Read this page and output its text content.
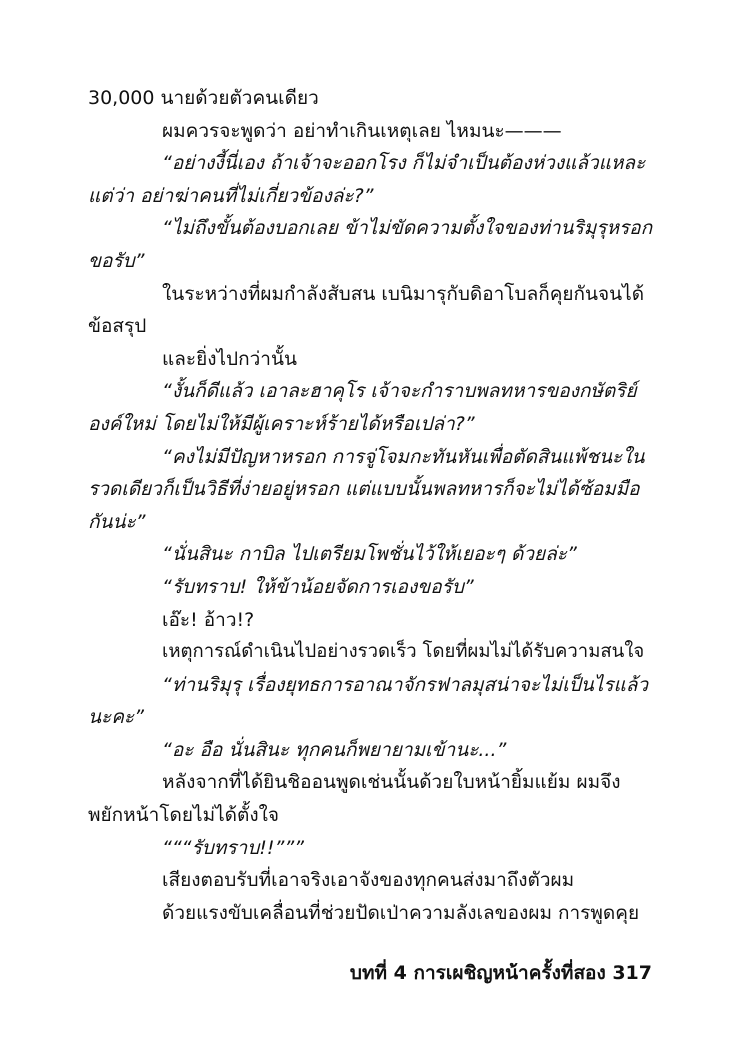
30,000 นายด้วยตัวคนเดียว
ผมควรจะพูดว่า อย่าทำเกินเหตุเลย ไหมนะ———
“อย่างงี้นี่เอง ถ้าเจ้าจะออกโรง ก็ไม่จำเป็นต้องห่วงแล้วแหละ
แต่ว่า อย่าฆ่าคนที่ไม่เกี่ยวข้องล่ะ?”
“ไม่ถึงขั้นต้องบอกเลย ข้าไม่ขัดความตั้งใจของท่านริมุรุหรอก
ขอรับ”
ในระหว่างที่ผมกำลังสับสน เบนิมารุกับดิอาโบลก็คุยกันจนได้
ข้อสรุป
และยิ่งไปกว่านั้น
“งั้นก็ดีแล้ว เอาละฮาคุโร เจ้าจะกำราบพลทหารของกษัตริย์
องค์ใหม่ โดยไม่ให้มีผู้เคราะห์ร้ายได้หรือเปล่า?”
“คงไม่มีปัญหาหรอก การจู่โจมกะทันหันเพื่อตัดสินแพ้ชนะใน
รวดเดียวก็เป็นวิธีที่ง่ายอยู่หรอก แต่แบบนั้นพลทหารก็จะไม่ได้ซ้อมมือ
กันน่ะ”
“นั่นสินะ กาบิล ไปเตรียมโพชั่นไว้ให้เยอะๆ ด้วยล่ะ”
“รับทราบ! ให้ข้าน้อยจัดการเองขอรับ”
เอ๊ะ! อ้าว!?
เหตุการณ์ดำเนินไปอย่างรวดเร็ว โดยที่ผมไม่ได้รับความสนใจ
“ท่านริมุรุ เรื่องยุทธการอาณาจักรฟาลมุสน่าจะไม่เป็นไรแล้ว
นะคะ”
“อะ อือ นั่นสินะ ทุกคนก็พยายามเข้านะ...”
หลังจากที่ได้ยินชิออนพูดเช่นนั้นด้วยใบหน้ายิ้มแย้ม ผมจึง
พยักหน้าโดยไม่ได้ตั้งใจ
“““รับทราบ!!”””
เสียงตอบรับที่เอาจริงเอาจังของทุกคนส่งมาถึงตัวผม
ด้วยแรงขับเคลื่อนที่ช่วยปัดเป่าความลังเลของผม การพูดคุย
บทที่ 4 การเผชิญหน้าครั้งที่สอง 317
